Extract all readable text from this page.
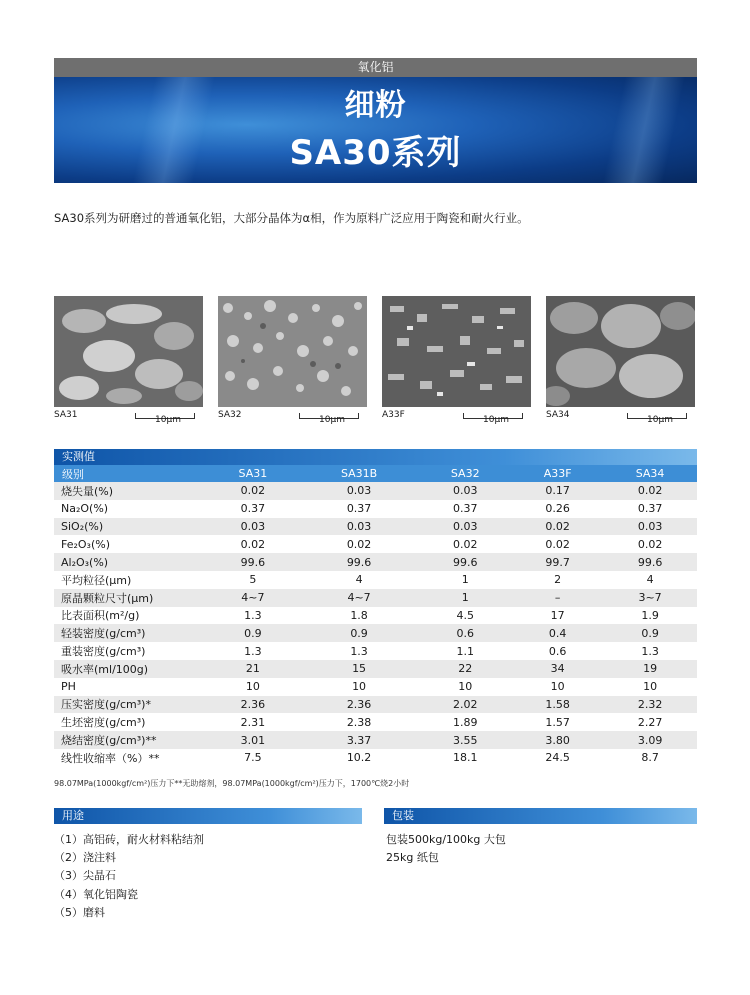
氧化铝
细粉
SA30系列
SA30系列为研磨过的普通氧化铝，大部分晶体为α相，作为原料广泛应用于陶瓷和耐火行业。
SA31	10μm	SA32	10μm	A33F	10μm	SA34	10μm
实测值
级别	SA31	SA31B	SA32	A33F	SA34
烧失量(%)	0.02	0.03	0.03	0.17	0.02
Na₂O(%)	0.37	0.37	0.37	0.26	0.37
SiO₂(%)	0.03	0.03	0.03	0.02	0.03
Fe₂O₃(%)	0.02	0.02	0.02	0.02	0.02
Al₂O₃(%)	99.6	99.6	99.6	99.7	99.6
平均粒径(μm)	5	4	1	2	4
原晶颗粒尺寸(μm)	4~7	4~7	1	–	3~7
比表面积(m²/g)	1.3	1.8	4.5	17	1.9
轻装密度(g/cm³)	0.9	0.9	0.6	0.4	0.9
重装密度(g/cm³)	1.3	1.3	1.1	0.6	1.3
吸水率(ml/100g)	21	15	22	34	19
PH	10	10	10	10	10
压实密度(g/cm³)*	2.36	2.36	2.02	1.58	2.32
生坯密度(g/cm³)	2.31	2.38	1.89	1.57	2.27
烧结密度(g/cm³)**	3.01	3.37	3.55	3.80	3.09
线性收缩率（%）**	7.5	10.2	18.1	24.5	8.7
98.07MPa(1000kgf/cm²)压力下**无助熔剂，98.07MPa(1000kgf/cm²)压力下，1700℃烧2小时
用途
（1）高铝砖，耐火材料粘结剂
（2）浇注料
（3）尖晶石
（4）氧化铝陶瓷
（5）磨料
包装
包装500kg/100kg 大包
25kg 纸包
